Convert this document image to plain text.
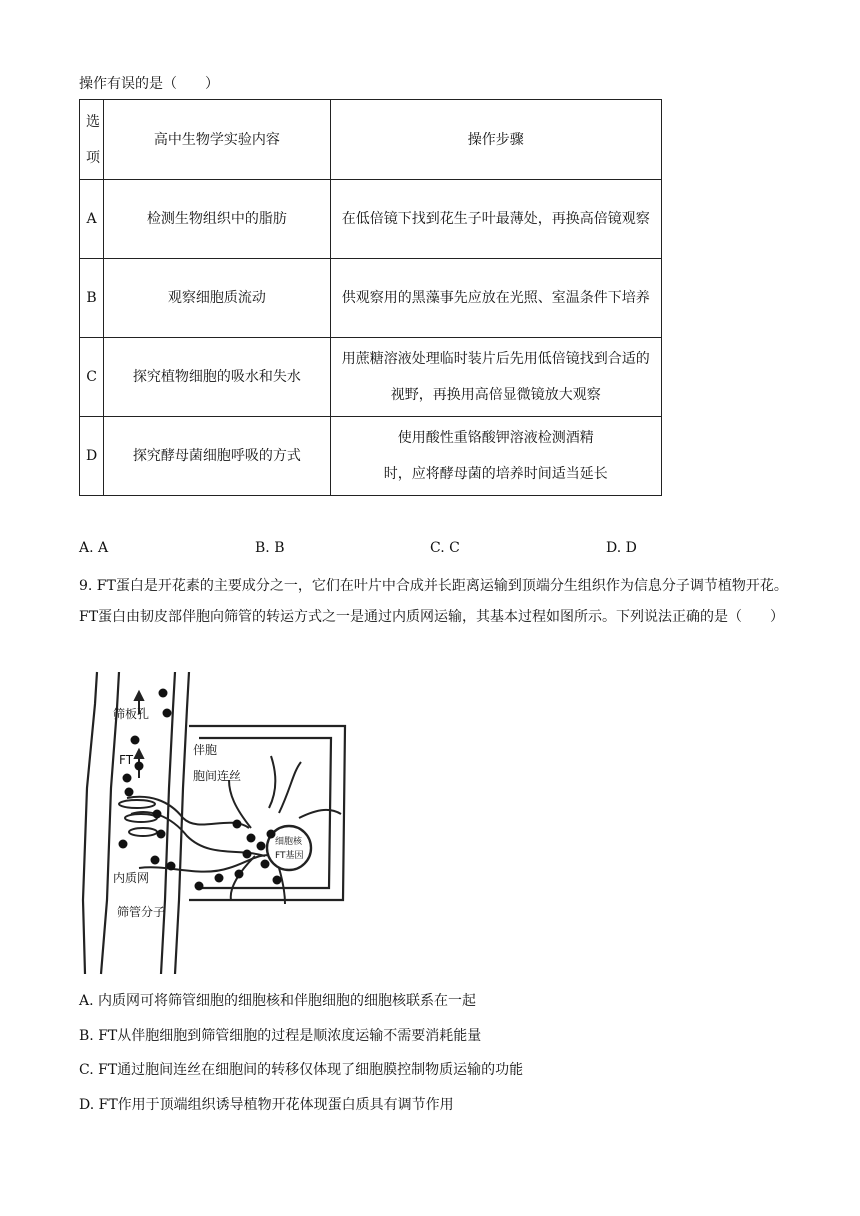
操作有误的是（　　）
选项	高中生物学实验内容	操作步骤
A	检测生物组织中的脂肪	在低倍镜下找到花生子叶最薄处，再换高倍镜观察
B	观察细胞质流动	供观察用的黑藻事先应放在光照、室温条件下培养
C	探究植物细胞的吸水和失水	用蔗糖溶液处理临时装片后先用低倍镜找到合适的视野，再换用高倍显微镜放大观察
D	探究酵母菌细胞呼吸的方式	使用酸性重铬酸钾溶液检测酒精
时，应将酵母菌的培养时间适当延长
A. A	B. B	C. C	D. D
9. FT蛋白是开花素的主要成分之一，它们在叶片中合成并长距离运输到顶端分生组织作为信息分子调节植物开花。FT蛋白由韧皮部伴胞向筛管的转运方式之一是通过内质网运输，其基本过程如图所示。下列说法正确的是（　　）
筛板孔
FT
伴胞
胞间连丝
内质网
筛管分子
细胞核
FT基因
A. 内质网可将筛管细胞的细胞核和伴胞细胞的细胞核联系在一起
B. FT从伴胞细胞到筛管细胞的过程是顺浓度运输不需要消耗能量
C. FT通过胞间连丝在细胞间的转移仅体现了细胞膜控制物质运输的功能
D. FT作用于顶端组织诱导植物开花体现蛋白质具有调节作用
